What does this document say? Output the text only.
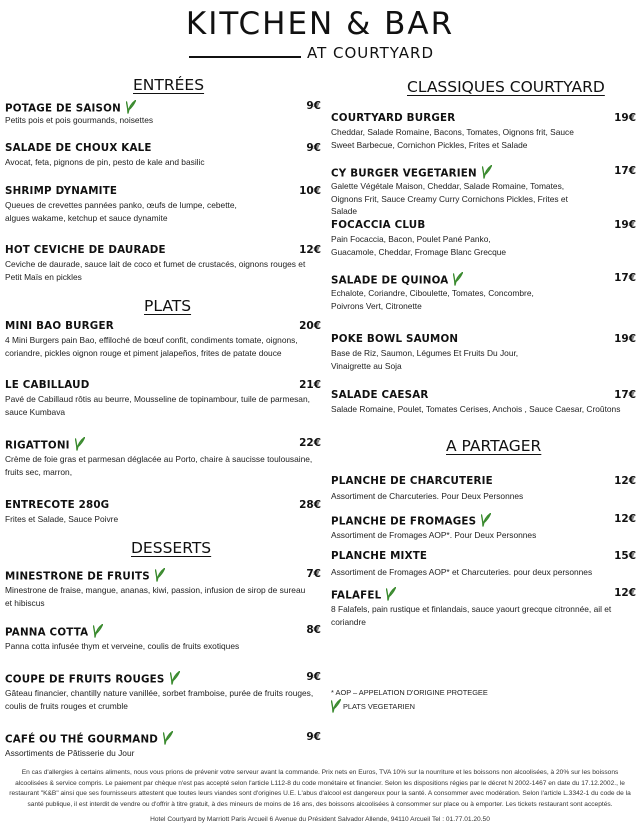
KITCHEN & BAR
AT COURTYARD
ENTRÉES
PLATS
DESSERTS
CLASSIQUES COURTYARD
A PARTAGER
POTAGE DE SAISON	9€
Petits pois et pois gourmands, noisettes
SALADE DE CHOUX KALE	9€
Avocat, feta, pignons de pin, pesto de kale and basilic
SHRIMP DYNAMITE	10€
Queues de crevettes pannées panko, œufs de lumpe, cebette, algues wakame, ketchup et sauce dynamite
HOT CEVICHE DE DAURADE	12€
Ceviche de daurade, sauce lait de coco et fumet de crustacés, oignons rouges et Petit Maïs en pickles
MINI BAO BURGER	20€
4 Mini Burgers pain Bao, effiloché de bœuf confit, condiments tomate, oignons, coriandre, pickles oignon rouge et piment jalapeños, frites de patate douce
LE CABILLAUD	21€
Pavé de Cabillaud rôtis au beurre, Mousseline de topinambour, tuile de parmesan, sauce Kumbava
RIGATTONI	22€
Crème de foie gras et parmesan déglacée au Porto, chaire à saucisse toulousaine, fruits sec, marron,
ENTRECOTE 280G	28€
Frites et Salade, Sauce Poivre
MINESTRONE DE FRUITS	7€
Minestrone de fraise, mangue, ananas, kiwi, passion, infusion de sirop de sureau et hibiscus
PANNA COTTA	8€
Panna cotta infusée thym et verveine, coulis de fruits exotiques
COUPE DE FRUITS ROUGES	9€
Gâteau financier, chantilly nature vanillée, sorbet framboise, purée de fruits rouges, coulis de fruits rouges et crumble
CAFÉ OU THÉ GOURMAND	9€
Assortiments de Pâtisserie du Jour
COURTYARD BURGER	19€
Cheddar, Salade Romaine, Bacons, Tomates, Oignons frit, Sauce Sweet Barbecue, Cornichon Pickles, Frites et Salade
CY BURGER VEGETARIEN	17€
Galette Végétale Maison, Cheddar, Salade Romaine, Tomates, Oignons Frit, Sauce Creamy Curry Cornichons Pickles, Frites et Salade
FOCACCIA CLUB	19€
Pain Focaccia, Bacon, Poulet Pané Panko, Guacamole, Cheddar, Fromage Blanc Grecque
SALADE DE QUINOA	17€
Echalote, Coriandre, Ciboulette, Tomates, Concombre, Poivrons Vert, Citronette
POKE BOWL SAUMON	19€
Base de Riz, Saumon, Légumes Et Fruits Du Jour, Vinaigrette au Soja
SALADE CAESAR	17€
Salade Romaine, Poulet, Tomates Cerises, Anchois , Sauce Caesar, Croûtons
PLANCHE DE CHARCUTERIE	12€
Assortiment de Charcuteries. Pour Deux Personnes
PLANCHE DE FROMAGES	12€
Assortiment de Fromages AOP*. Pour Deux Personnes
PLANCHE MIXTE	15€
Assortiment de Fromages AOP* et Charcuteries. pour deux personnes
FALAFEL	12€
8 Falafels, pain rustique et finlandais, sauce yaourt grecque citronnée, ail et coriandre
* AOP – APPELATION D'ORIGINE PROTEGEE
PLATS VEGETARIEN
En cas d'allergies à certains aliments, nous vous prions de prévenir votre serveur avant la commande. Prix nets en Euros, TVA 10% sur la nourriture et les boissons non alcoolisées, à 20% sur les boissons alcoolisées & service compris. Le paiement par chèque n'est pas accepté selon l'article L112-8 du code monétaire et financier. Selon les dispositions régies par le décret N 2002-1467 en date du 17.12.2002., le restaurant "K&B" ainsi que ses fournisseurs attestent que toutes leurs viandes sont d'origines U.E. L'abus d'alcool est dangereux pour la santé. A consommer avec modération. Selon l'article L.3342-1 du code de la santé publique, il est interdit de vendre ou d'offrir à titre gratuit, à des mineurs de moins de 16 ans, des boissons alcoolisées à consommer sur place ou à emporter. Les tickets restaurant sont acceptés.
Hotel Courtyard by Marriott Paris Arcueil 6 Avenue du Président Salvador Allende, 94110 Arcueil Tel : 01.77.01.20.50
